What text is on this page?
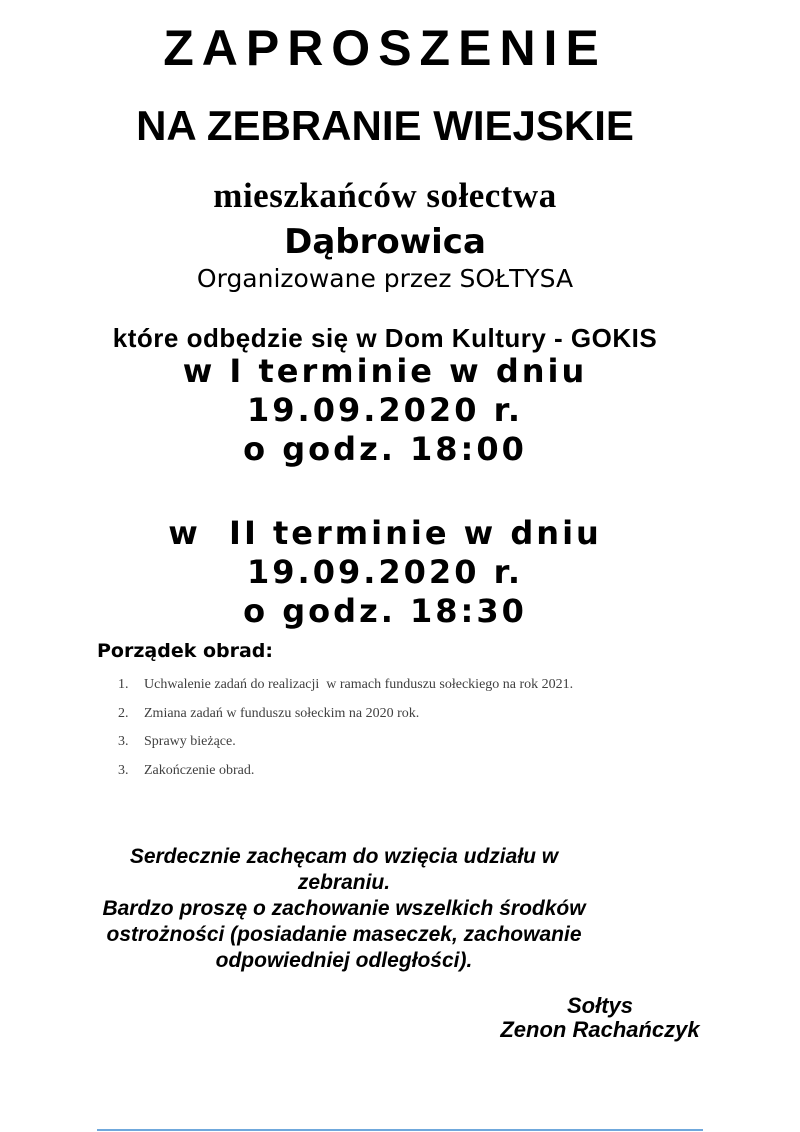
ZAPROSZENIE
NA ZEBRANIE WIEJSKIE
mieszkańców sołectwa
Dąbrowica
Organizowane przez SOŁTYSA
które odbędzie się w Dom Kultury - GOKIS
w I terminie w dniu
19.09.2020 r.
o godz. 18:00
w  II terminie w dniu
19.09.2020 r.
o godz. 18:30
Porządek obrad:
1.	Uchwalenie zadań do realizacji  w ramach funduszu sołeckiego na rok 2021.
2.	Zmiana zadań w funduszu sołeckim na 2020 rok.
3.	Sprawy bieżące.
3.	Zakończenie obrad.
Serdecznie zachęcam do wzięcia udziału w
zebraniu.
Bardzo proszę o zachowanie wszelkich środków
ostrożności (posiadanie maseczek, zachowanie
odpowiedniej odległości).
Sołtys
Zenon Rachańczyk
